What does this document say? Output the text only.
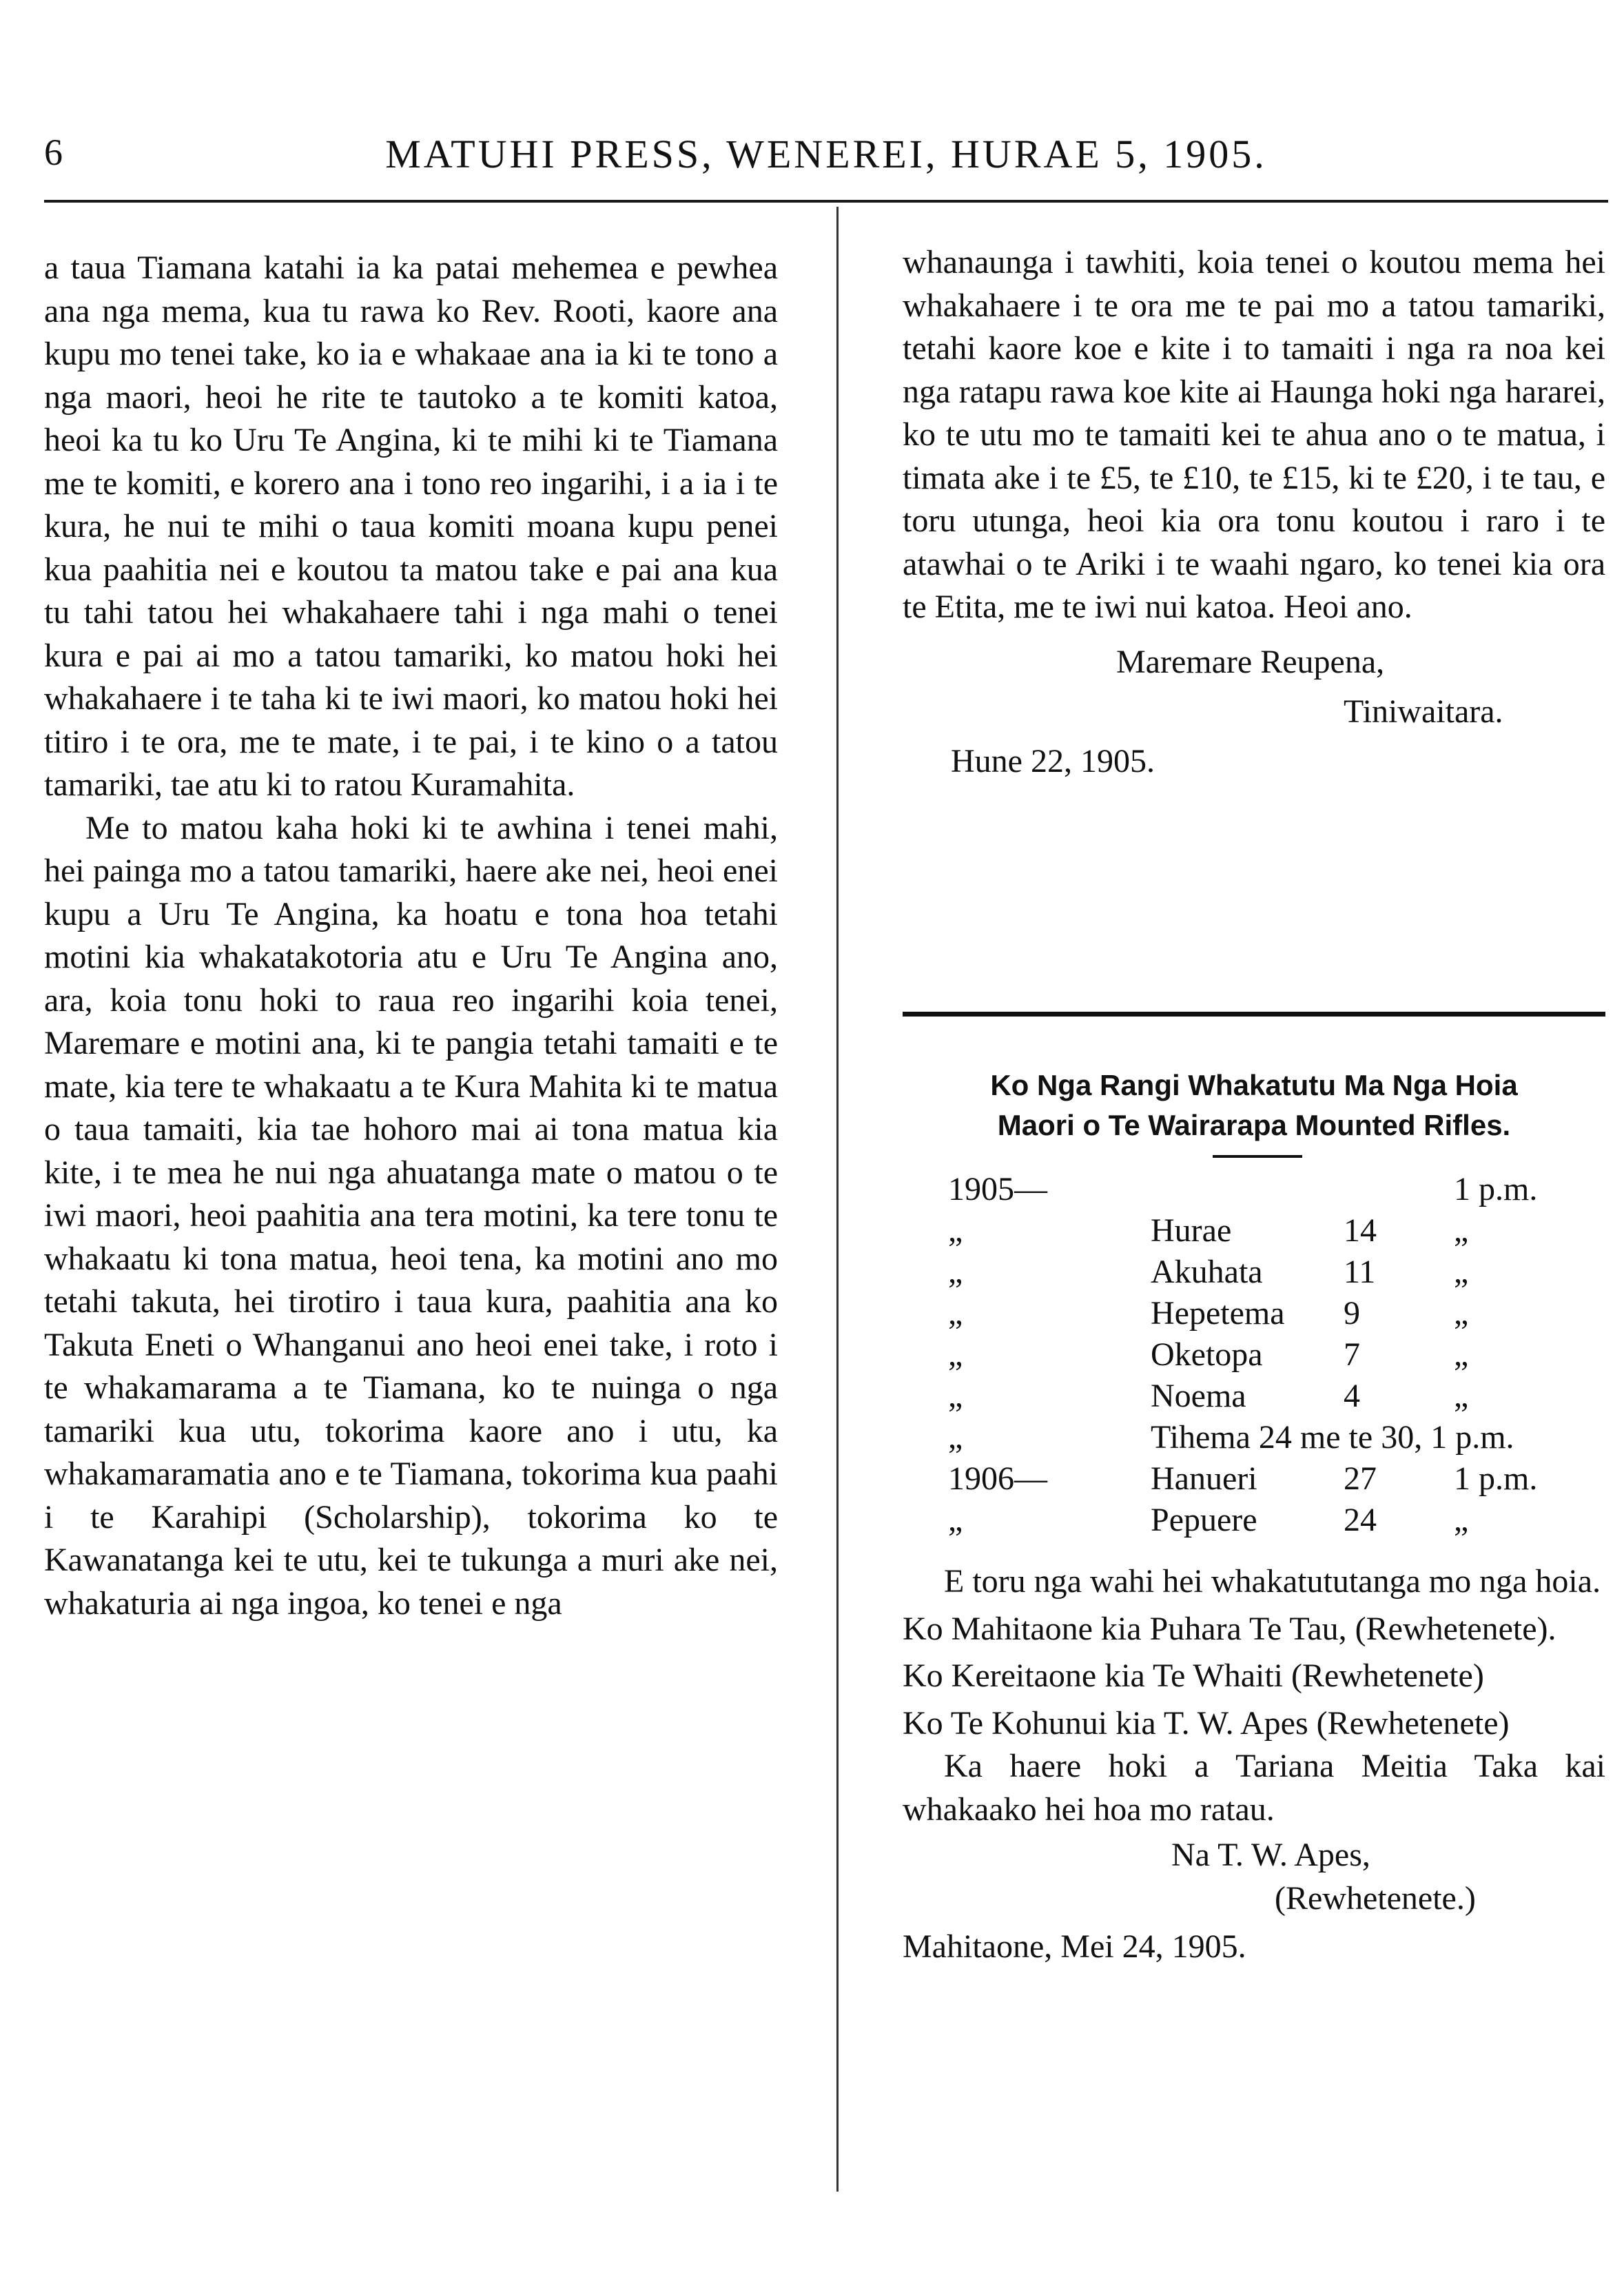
6	MATUHI PRESS, WENEREI, HURAE 5, 1905.

a taua Tiamana katahi ia ka patai mehemea e pewhea ana nga mema, kua tu rawa ko Rev. Rooti, kaore ana kupu mo tenei take, ko ia e whakaae ana ia ki te tono a nga maori, heoi he rite te tautoko a te komiti katoa, heoi ka tu ko Uru Te Angina, ki te mihi ki te Tiamana me te komiti, e korero ana i tono reo ingarihi, i a ia i te kura, he nui te mihi o taua komiti moana kupu penei kua paahitia nei e koutou ta matou take e pai ana kua tu tahi tatou hei whakahaere tahi i nga mahi o tenei kura e pai ai mo a tatou tamariki, ko matou hoki hei whakahaere i te taha ki te iwi maori, ko matou hoki hei titiro i te ora, me te mate, i te pai, i te kino o a tatou tamariki, tae atu ki to ratou Kuramahita.

Me to matou kaha hoki ki te awhina i tenei mahi, hei painga mo a tatou tamariki, haere ake nei, heoi enei kupu a Uru Te Angina, ka hoatu e tona hoa tetahi motini kia whakatakotoria atu e Uru Te Angina ano, ara, koia tonu hoki to raua reo ingarihi koia tenei, Maremare e motini ana, ki te pangia tetahi tamaiti e te mate, kia tere te whakaatu a te Kura Mahita ki te matua o taua tamaiti, kia tae hohoro mai ai tona matua kia kite, i te mea he nui nga ahuatanga mate o matou o te iwi maori, heoi paahitia ana tera motini, ka tere tonu te whakaatu ki tona matua, heoi tena, ka motini ano mo tetahi takuta, hei tirotiro i taua kura, paahitia ana ko Takuta Eneti o Whanganui ano heoi enei take, i roto i te whakamarama a te Tiamana, ko te nuinga o nga tamariki kua utu, tokorima kaore ano i utu, ka whakamaramatia ano e te Tiamana, tokorima kua paahi i te Karahipi (Scholarship), tokorima ko te Kawanatanga kei te utu, kei te tukunga a muri ake nei, whakaturia ai nga ingoa, ko tenei e nga

whanaunga i tawhiti, koia tenei o koutou mema hei whakahaere i te ora me te pai mo a tatou tamariki, tetahi kaore koe e kite i to tamaiti i nga ra noa kei nga ratapu rawa koe kite ai Haunga hoki nga hararei, ko te utu mo te tamaiti kei te ahua ano o te matua, i timata ake i te £5, te £10, te £15, ki te £20, i te tau, e toru utunga, heoi kia ora tonu koutou i raro i te atawhai o te Ariki i te waahi ngaro, ko tenei kia ora te Etita, me te iwi nui katoa. Heoi ano.

Maremare Reupena,
Tiniwaitara.
Hune 22, 1905.
Ko Nga Rangi Whakatutu Ma Nga Hoia
Maori o Te Wairarapa Mounted Rifles.
1905—	1 p.m.
„	Hurae	14 „
„	Akuhata 11 „
„	Hepetema 9	„
„	Oketopa 7	„
„	Noema	4	„
„	Tihema 24 me te 30, 1 p.m.
1906—	Hanueri	27 1 p.m.
„	Pepuere	24 „

E toru nga wahi hei whakatututanga mo nga hoia.

Ko Mahitaone kia Puhara Te Tau, (Rewhetenete).

Ko Kereitaone kia Te Whaiti (Rewhetenete)

Ko Te Kohunui kia T. W. Apes (Rewhetenete)

Ka haere hoki a Tariana Meitia Taka kai whakaako hei hoa mo ratau.

Na T. W. Apes,

(Rewhetenete.)

Mahitaone, Mei 24, 1905.
